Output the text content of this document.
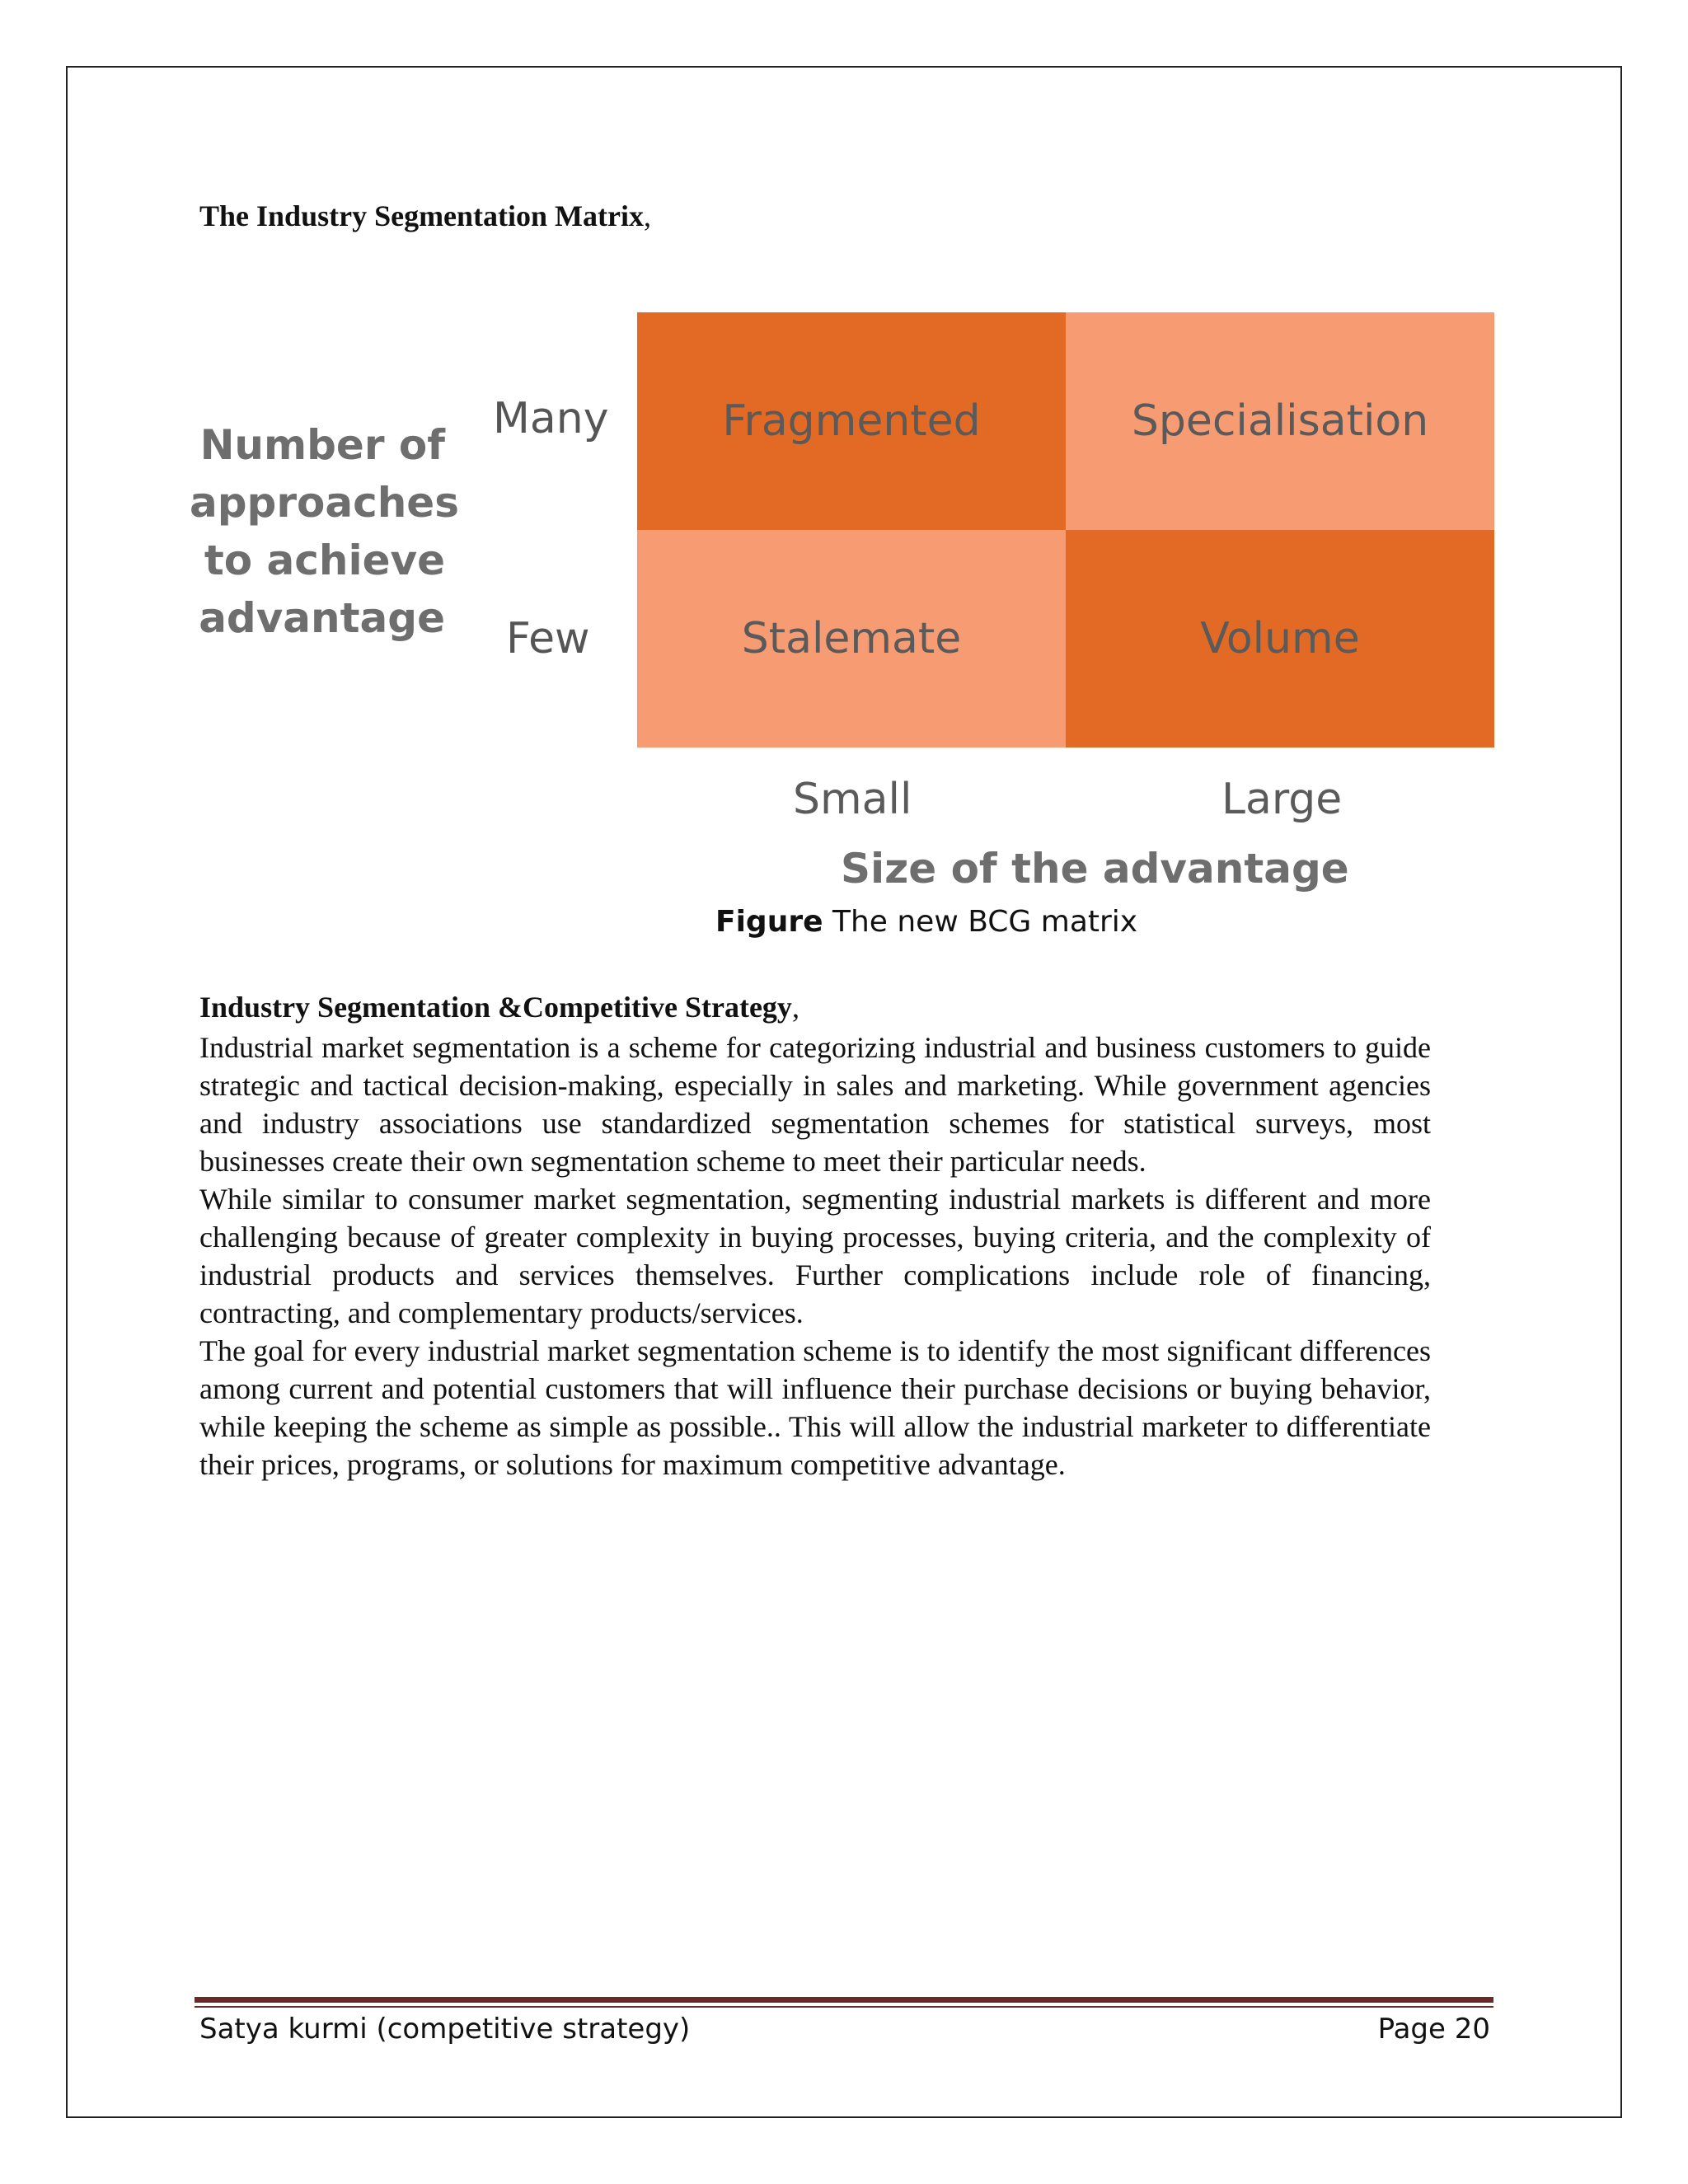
The Industry Segmentation Matrix,
Number of approaches to achieve advantage
Many
Few
Fragmented	Specialisation
Stalemate	Volume
Small	Large
Size of the advantage
Figure The new BCG matrix
Industry Segmentation &Competitive Strategy,

Industrial market segmentation is a scheme for categorizing industrial and business customers to guide strategic and tactical decision-making, especially in sales and marketing. While government agencies and industry associations use standardized segmentation schemes for statistical surveys, most businesses create their own segmentation scheme to meet their particular needs.

While similar to consumer market segmentation, segmenting industrial markets is different and more challenging because of greater complexity in buying processes, buying criteria, and the complexity of industrial products and services themselves. Further complications include role of financing, contracting, and complementary products/services.

The goal for every industrial market segmentation scheme is to identify the most significant differences among current and potential customers that will influence their purchase decisions or buying behavior, while keeping the scheme as simple as possible.. This will allow the industrial marketer to differentiate their prices, programs, or solutions for maximum competitive advantage.

Satya kurmi (competitive strategy)	Page 20
